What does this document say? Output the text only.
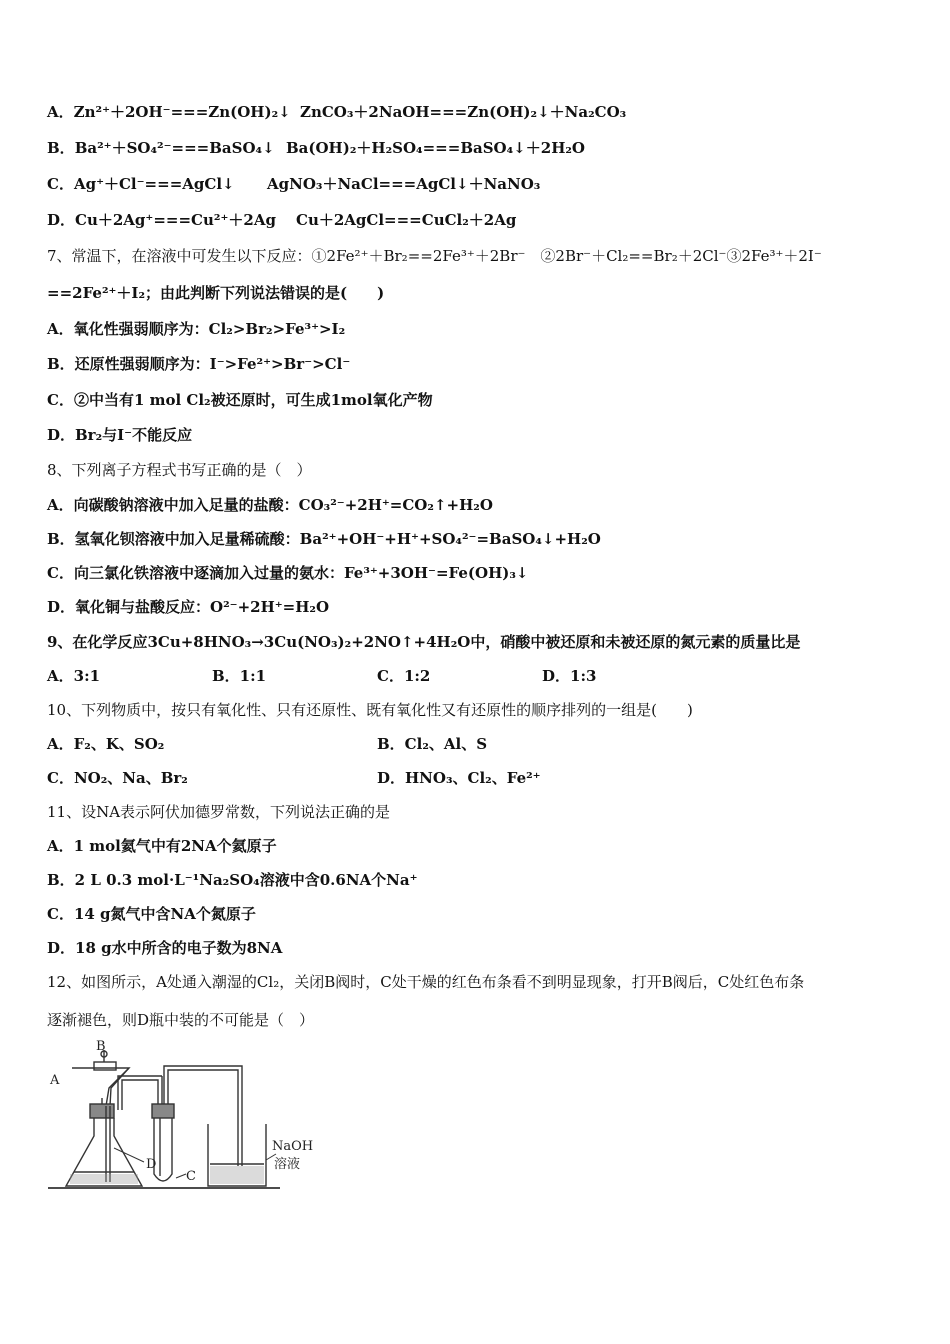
A．Zn²⁺＋2OH⁻===Zn(OH)₂↓ ZnCO₃＋2NaOH===Zn(OH)₂↓＋Na₂CO₃
B．Ba²⁺＋SO₄²⁻===BaSO₄↓ Ba(OH)₂＋H₂SO₄===BaSO₄↓＋2H₂O
C．Ag⁺＋Cl⁻===AgCl↓ AgNO₃＋NaCl===AgCl↓＋NaNO₃
D．Cu＋2Ag⁺===Cu²⁺＋2Ag Cu＋2AgCl===CuCl₂＋2Ag
7、常温下，在溶液中可发生以下反应：①2Fe²⁺＋Br₂==2Fe³⁺＋2Br⁻　②2Br⁻＋Cl₂==Br₂＋2Cl⁻③2Fe³⁺＋2I⁻
==2Fe²⁺＋I₂；由此判断下列说法错误的是(　　)
A．氧化性强弱顺序为：Cl₂>Br₂>Fe³⁺>I₂
B．还原性强弱顺序为：I⁻>Fe²⁺>Br⁻>Cl⁻
C．②中当有1 mol Cl₂被还原时，可生成1mol氧化产物
D．Br₂与I⁻不能反应
8、下列离子方程式书写正确的是（　）
A．向碳酸钠溶液中加入足量的盐酸：CO₃²⁻+2H⁺=CO₂↑+H₂O
B．氢氧化钡溶液中加入足量稀硫酸：Ba²⁺+OH⁻+H⁺+SO₄²⁻=BaSO₄↓+H₂O
C．向三氯化铁溶液中逐滴加入过量的氨水：Fe³⁺+3OH⁻=Fe(OH)₃↓
D．氧化铜与盐酸反应：O²⁻+2H⁺=H₂O
9、在化学反应3Cu+8HNO₃→3Cu(NO₃)₂+2NO↑+4H₂O中，硝酸中被还原和未被还原的氮元素的质量比是
A．3:1	B．1:1	C．1:2	D．1:3
10、下列物质中，按只有氧化性、只有还原性、既有氧化性又有还原性的顺序排列的一组是(　　)
A．F₂、K、SO₂	B．Cl₂、Al、S
C．NO₂、Na、Br₂	D．HNO₃、Cl₂、Fe²⁺
11、设NA表示阿伏加德罗常数，下列说法正确的是
A．1 mol氦气中有2NA个氦原子
B．2 L 0.3 mol·L⁻¹Na₂SO₄溶液中含0.6NA个Na⁺
C．14 g氮气中含NA个氮原子
D．18 g水中所含的电子数为8NA
12、如图所示，A处通入潮湿的Cl₂，关闭B阀时，C处干燥的红色布条看不到明显现象，打开B阀后，C处红色布条
逐渐褪色，则D瓶中装的不可能是（　）
A
B
C
D
NaOH
溶液
